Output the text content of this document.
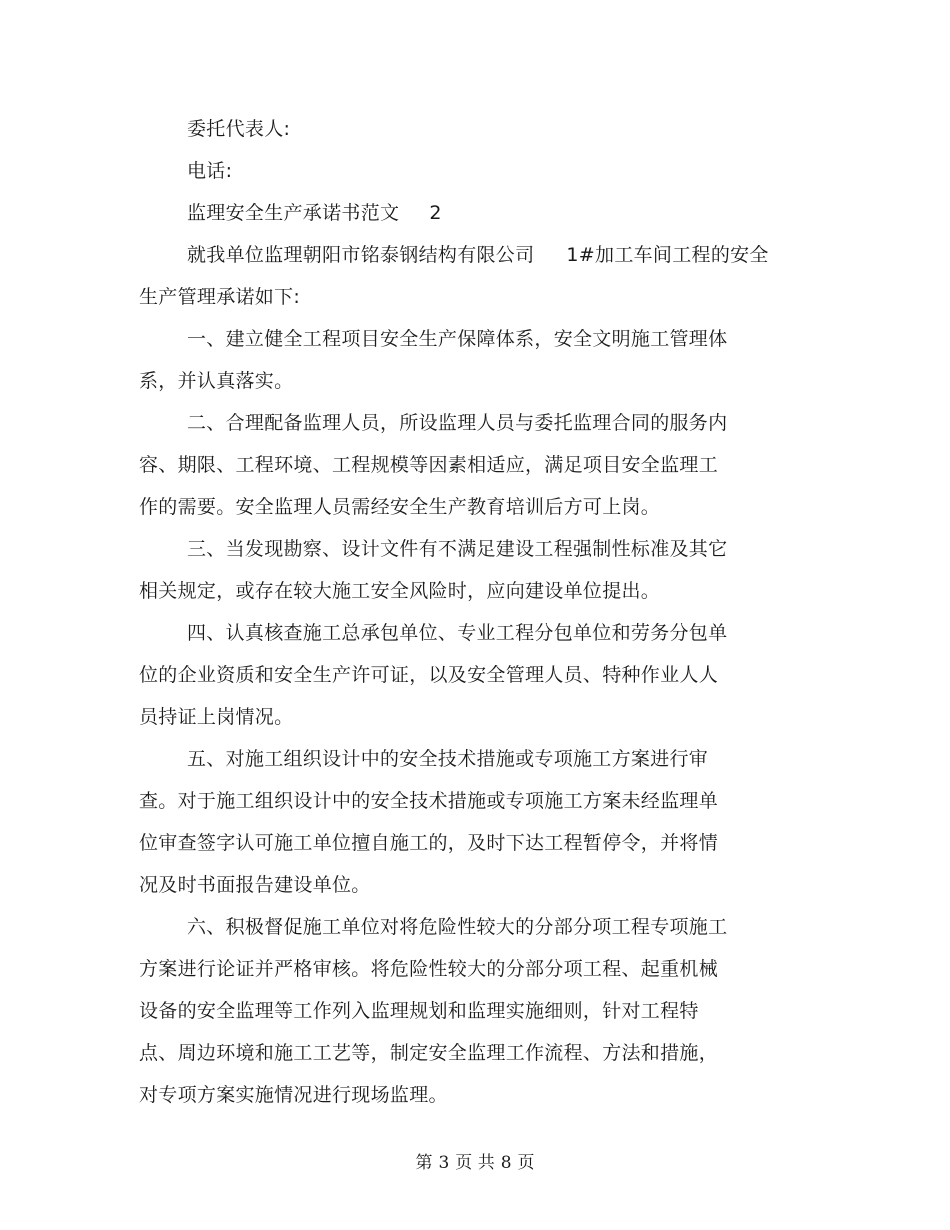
委托代表人:
电话:
监理安全生产承诺书范文 2
就我单位监理朝阳市铭泰钢结构有限公司 1#加工车间工程的安全
生产管理承诺如下:
一、建立健全工程项目安全生产保障体系，安全文明施工管理体
系，并认真落实。
二、合理配备监理人员，所设监理人员与委托监理合同的服务内
容、期限、工程环境、工程规模等因素相适应，满足项目安全监理工
作的需要。安全监理人员需经安全生产教育培训后方可上岗。
三、当发现勘察、设计文件有不满足建设工程强制性标准及其它
相关规定，或存在较大施工安全风险时，应向建设单位提出。
四、认真核查施工总承包单位、专业工程分包单位和劳务分包单
位的企业资质和安全生产许可证，以及安全管理人员、特种作业人人
员持证上岗情况。
五、对施工组织设计中的安全技术措施或专项施工方案进行审
查。对于施工组织设计中的安全技术措施或专项施工方案未经监理单
位审查签字认可施工单位擅自施工的，及时下达工程暂停令，并将情
况及时书面报告建设单位。
六、积极督促施工单位对将危险性较大的分部分项工程专项施工
方案进行论证并严格审核。将危险性较大的分部分项工程、起重机械
设备的安全监理等工作列入监理规划和监理实施细则，针对工程特
点、周边环境和施工工艺等，制定安全监理工作流程、方法和措施，
对专项方案实施情况进行现场监理。
第 3 页 共 8 页
